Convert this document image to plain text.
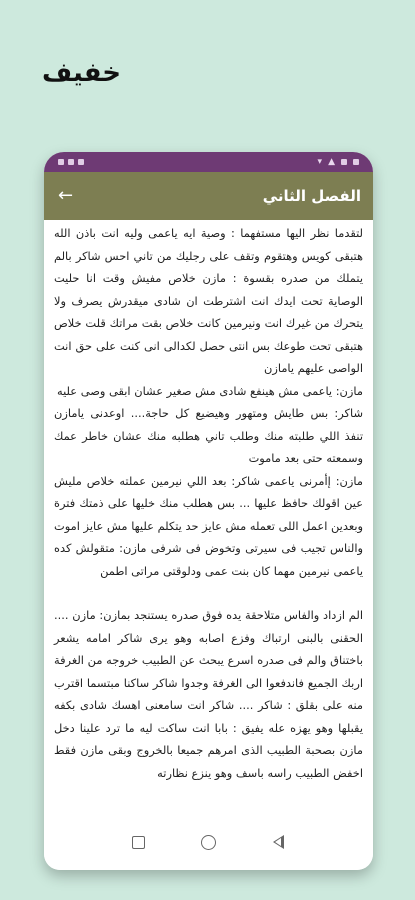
خفيف
▾ ▲
←	الفصل الثاني

لتقدما نظر اليها مستفهما : وصية ايه ياعمى وليه انت باذن الله هتبقى كويس وهتقوم وتقف على رجليك من تاني احس شاكر بالم يتملك من صدره بقسوة : مازن خلاص مفيش وقت انا حليت الوصاية تحت ايدك انت اشترطت ان شادى ميقدرش يصرف ولا يتحرك من غيرك انت ونيرمين كانت خلاص بقت مراتك قلت خلاص هتبقى تحت طوعك بس انتى حصل لكدالى انى كنت على حق انت الواصى عليهم يامازن

مازن: ياعمى مش هينفع شادى مش صغير عشان ابقى وصى عليه

شاكر: بس طايش ومتهور وهيضيع كل حاجة.... اوعدنى يامازن تنفذ اللي طلبته منك وطلب تاني هطلبه منك عشان خاطر عمك وسمعته حتى بعد ماموت

مازن: إأمرنى ياعمى شاكر: بعد اللي نيرمين عملته خلاص مليش عين اقولك حافظ عليها ... بس هطلب منك خليها على ذمتك فترة وبعدين اعمل اللى تعمله مش عايز حد يتكلم عليها مش عايز اموت والناس تجيب فى سيرتى وتخوض فى شرفى مازن: متقولش كده ياعمى نيرمين مهما كان بنت عمى ودلوقتى مراتى اطمن

الم ازداد والفاس متلاحقة يده فوق صدره يستنجد بمازن: مازن .... الحقنى بالبنى ارتباك وفزع اصابه وهو يرى شاكر امامه يشعر باختناق والم فى صدره اسرع يبحث عن الطبيب خروجه من الغرفة اربك الجميع فاندفعوا الى الغرفة وجدوا شاكر ساكنا مبتسما اقترب منه على بقلق : شاكر .... شاكر انت سامعنى اهسك شادى بكفه يقبلها وهو يهزه عله يفيق : بابا انت ساكت ليه ما ترد علينا دخل مازن بصحبة الطبيب الذى امرهم جميعا بالخروج وبقى مازن فقط اخفض الطبيب راسه باسف وهو ينزع نظارته
